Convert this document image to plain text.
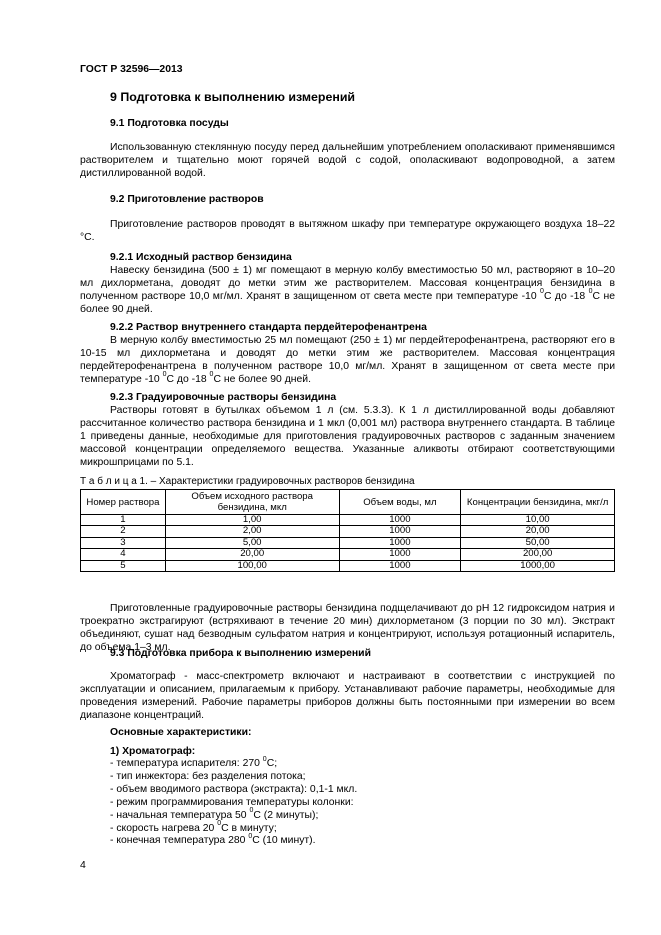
ГОСТ Р 32596—2013
9 Подготовка к выполнению измерений
9.1 Подготовка посуды
Использованную стеклянную посуду перед дальнейшим употреблением ополаскивают применявшимся растворителем и тщательно моют горячей водой с содой, ополаскивают водопроводной, а затем дистиллированной водой.
9.2 Приготовление растворов
Приготовление растворов проводят в вытяжном шкафу при температуре окружающего воздуха 18–22 °С.
9.2.1 Исходный раствор бензидина
Навеску бензидина (500 ± 1) мг помещают в мерную колбу вместимостью 50 мл, растворяют в 10–20 мл дихлорметана, доводят до метки этим же растворителем. Массовая концентрация бензидина в полученном растворе 10,0 мг/мл. Хранят в защищенном от света месте при температуре -10 $^0$С до -18 $^0$С не более 90 дней.
9.2.2 Раствор внутреннего стандарта пердейтерофенантрена
В мерную колбу вместимостью 25 мл помещают (250 ± 1) мг пердейтерофенантрена, растворяют его в 10-15 мл дихлорметана и доводят до метки этим же растворителем. Массовая концентрация пердейтерофенантрена в полученном растворе 10,0 мг/мл. Хранят в защищенном от света месте при температуре -10 $^0$С до -18 $^0$С не более 90 дней.
9.2.3 Градуировочные растворы бензидина
Растворы готовят в бутылках объемом 1 л (см. 5.3.3). К 1 л дистиллированной воды добавляют рассчитанное количество раствора бензидина и 1 мкл (0,001 мл) раствора внутреннего стандарта. В таблице 1 приведены данные, необходимые для приготовления градуировочных растворов с заданным значением массовой концентрации определяемого вещества. Указанные аликвоты отбирают соответствующими микрошприцами по 5.1.
Т а б л и ц а 1. – Характеристики градуировочных растворов бензидина
Номер раствора	Объем исходного раствора бензидина, мкл	Объем воды, мл	Концентрации бензидина, мкг/л
1	1,00	1000	10,00
2	2,00	1000	20,00
3	5,00	1000	50,00
4	20,00	1000	200,00
5	100,00	1000	1000,00
Приготовленные градуировочные растворы бензидина подщелачивают до рН 12 гидроксидом натрия и троекратно экстрагируют (встряхивают в течение 20 мин) дихлорметаном (3 порции по 30 мл). Экстракт объединяют, сушат над безводным сульфатом натрия и концентрируют, используя ротационный испаритель, до объема 1–3 мл.
9.3 Подготовка прибора к выполнению измерений
Хроматограф - масс-спектрометр включают и настраивают в соответствии с инструкцией по эксплуатации и описанием, прилагаемым к прибору. Устанавливают рабочие параметры, необходимые для проведения измерений. Рабочие параметры приборов должны быть постоянными при измерении во всем диапазоне концентраций.
Основные характеристики:
1) Хроматограф:
- температура испарителя: 270 $^0$С;
- тип инжектора: без разделения потока;
- объем вводимого раствора (экстракта): 0,1-1 мкл.
- режим программирования температуры колонки:
- начальная температура 50 $^0$С (2 минуты);
- скорость нагрева 20 $^0$С в минуту;
- конечная температура 280 $^0$С (10 минут).
4
